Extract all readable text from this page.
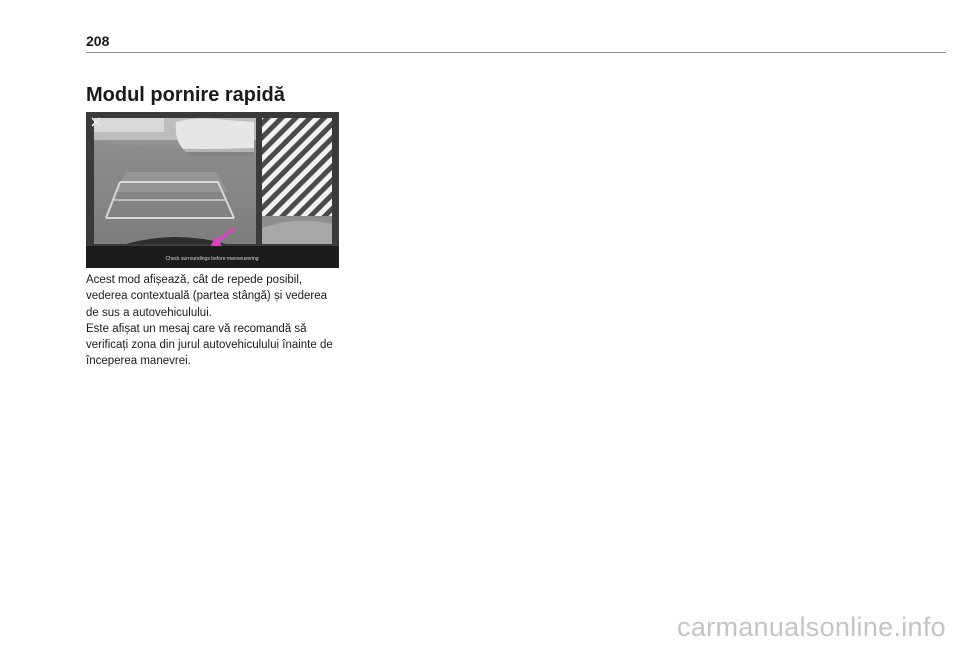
208
Modul pornire rapidă
Check surroundings before manoeuvering

Acest mod afișează, cât de repede posibil,
vederea contextuală (partea stângă) și vederea
de sus a autovehiculului.
Este afișat un mesaj care vă recomandă să
verificați zona din jurul autovehiculului înainte de
începerea manevrei.

carmanualsonline.info
